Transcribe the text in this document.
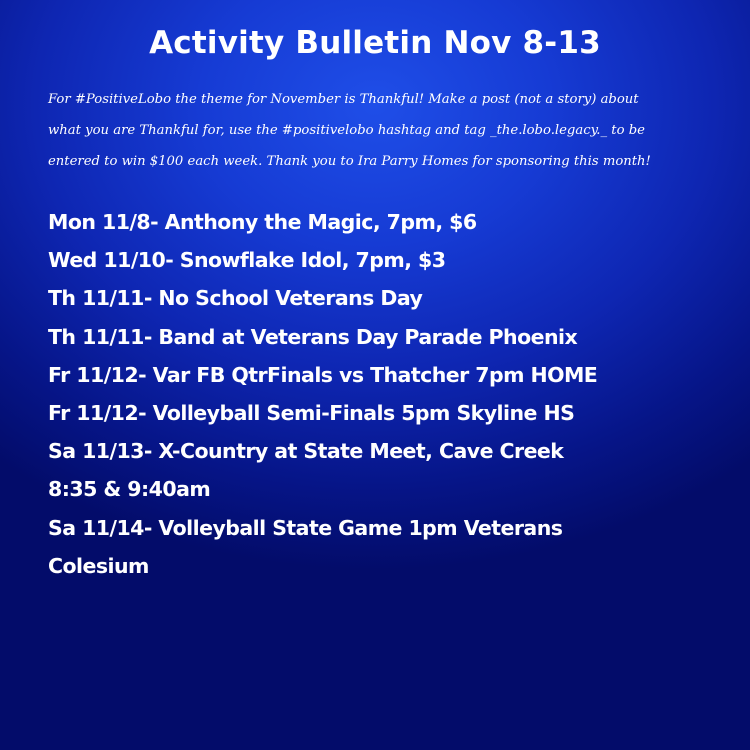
Activity Bulletin Nov 8-13

For #PositiveLobo the theme for November is Thankful! Make a post (not a story) about
what you are Thankful for, use the #positivelobo hashtag and tag _the.lobo.legacy._ to be
entered to win $100 each week. Thank you to Ira Parry Homes for sponsoring this month!

Mon 11/8- Anthony the Magic, 7pm, $6
Wed 11/10- Snowflake Idol, 7pm, $3
Th 11/11- No School Veterans Day
Th 11/11- Band at Veterans Day Parade Phoenix
Fr 11/12- Var FB QtrFinals vs Thatcher 7pm HOME
Fr 11/12- Volleyball Semi-Finals 5pm Skyline HS
Sa 11/13- X-Country at State Meet, Cave Creek
8:35 & 9:40am
Sa 11/14- Volleyball State Game 1pm Veterans
Colesium
